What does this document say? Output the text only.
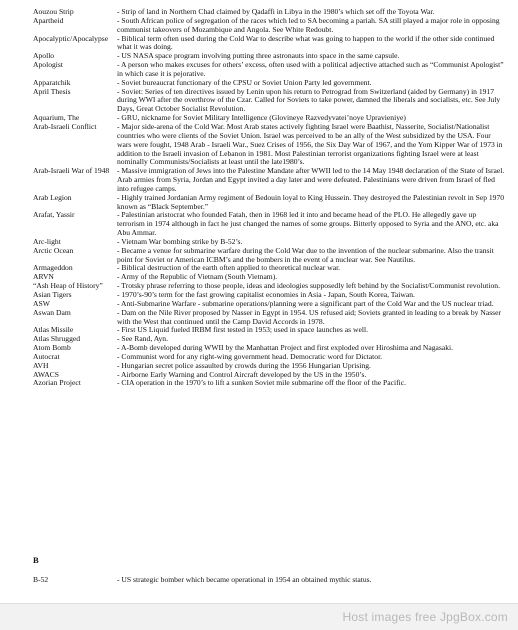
Aouzou Strip	- Strip of land in Northern Chad claimed by Qadaffi in Libya in the 1980’s which set off the Toyota War.
Apartheid	- South African police of segregation of the races which led to SA becoming a pariah. SA still played a major role in opposing communist takeovers of Mozambique and Angola. See White Redoubt.
Apocalyptic/Apocalypse	- Biblical term often used during the Cold War to describe what was going to happen to the world if the other side continued what it was doing.
Apollo	- US NASA space program involving putting three astronauts into space in the same capsule.
Apologist	- A person who makes excuses for others’ excess, often used with a political adjective attached such as “Communist Apologist” in which case it is pejorative.
Apparatchik	- Soviet bureaucrat functionary of the CPSU or Soviet Union Party led government.
April Thesis	- Soviet: Series of ten directives issued by Lenin upon his return to Petrograd from Switzerland (aided by Germany) in 1917 during WWI after the overthrow of the Czar. Called for Soviets to take power, damned the liberals and socialists, etc. See July Days, Great October Socialist Revolution.
Aquarium, The	- GRU, nickname for Soviet Military Intelligence (Glovineye Razvedyvatei’noye Upravieniye)
Arab-Israeli Conflict	- Major side-arena of the Cold War. Most Arab states actively fighting Israel were Baathist, Nasserite, Socialist/Nationalist countries who were clients of the Soviet Union. Israel was perceived to be an ally of the West subsidized by the USA. Four wars were fought, 1948 Arab - Israeli War., Suez Crises of 1956, the Six Day War of 1967, and the Yom Kipper War of 1973 in addition to the Israeli invasion of Lebanon in 1981. Most Palestinian terrorist organizations fighting Israel were at least nominally Communists/Socialists at least until the late1980’s.
Arab-Israeli War of 1948	- Massive immigration of Jews into the Palestine Mandate after WWII led to the 14 May 1948 declaration of the State of Israel. Arab armies from Syria, Jordan and Egypt invited a day later and were defeated. Palestinians were driven from Israel of fled into refugee camps.
Arab Legion	- Highly trained Jordanian Army regiment of Bedouin loyal to King Hussein. They destroyed the Palestinian revolt in Sep 1970 known as “Black September.”
Arafat, Yassir	- Palestinian aristocrat who founded Fatah, then in 1968 led it into and became head of the PLO. He allegedly gave up terrorism in 1974 although in fact he just changed the names of some groups. Bitterly opposed to Syria and the ANO, etc. aka Abu Ammar.
Arc-light	- Vietnam War bombing strike by B-52’s.
Arctic Ocean	- Became a venue for submarine warfare during the Cold War due to the invention of the nuclear submarine. Also the transit point for Soviet or American ICBM’s and the bombers in the event of a nuclear war. See Nautilus.
Armageddon	- Biblical destruction of the earth often applied to theoretical nuclear war.
ARVN	- Army of the Republic of Vietnam (South Vietnam).
“Ash Heap of History”	- Trotsky phrase referring to those people, ideas and ideologies supposedly left behind by the Socialist/Communist revolution.
Asian Tigers	- 1970’s-90’s term for the fast growing capitalist economies in Asia - Japan, South Korea, Taiwan.
ASW	- Anti-Submarine Warfare - submarine operations/planning were a significant part of the Cold War and the US nuclear triad.
Aswan Dam	- Dam on the Nile River proposed by Nasser in Egypt in 1954. US refused aid; Soviets granted in leading to a break by Nasser with the West that continued until the Camp David Accords in 1978.
Atlas Missile	- First US Liquid fueled IRBM first tested in 1953; used in space launches as well.
Atlas Shrugged	- See Rand, Ayn.
Atom Bomb	- A-Bomb developed during WWII by the Manhattan Project and first exploded over Hiroshima and Nagasaki.
Autocrat	- Communist word for any right-wing government head. Democratic word for Dictator.
AVH	- Hungarian secret police assaulted by crowds during the 1956 Hungarian Uprising.
AWACS	- Airborne Early Warning and Control Aircraft developed by the US in the 1950’s.
Azorian Project	- CIA operation in the 1970’s to lift a sunken Soviet mile submarine off the floor of the Pacific.
B
B-52	- US strategic bomber which became operational in 1954 an obtained mythic status.
Host images free JpgBox.com
